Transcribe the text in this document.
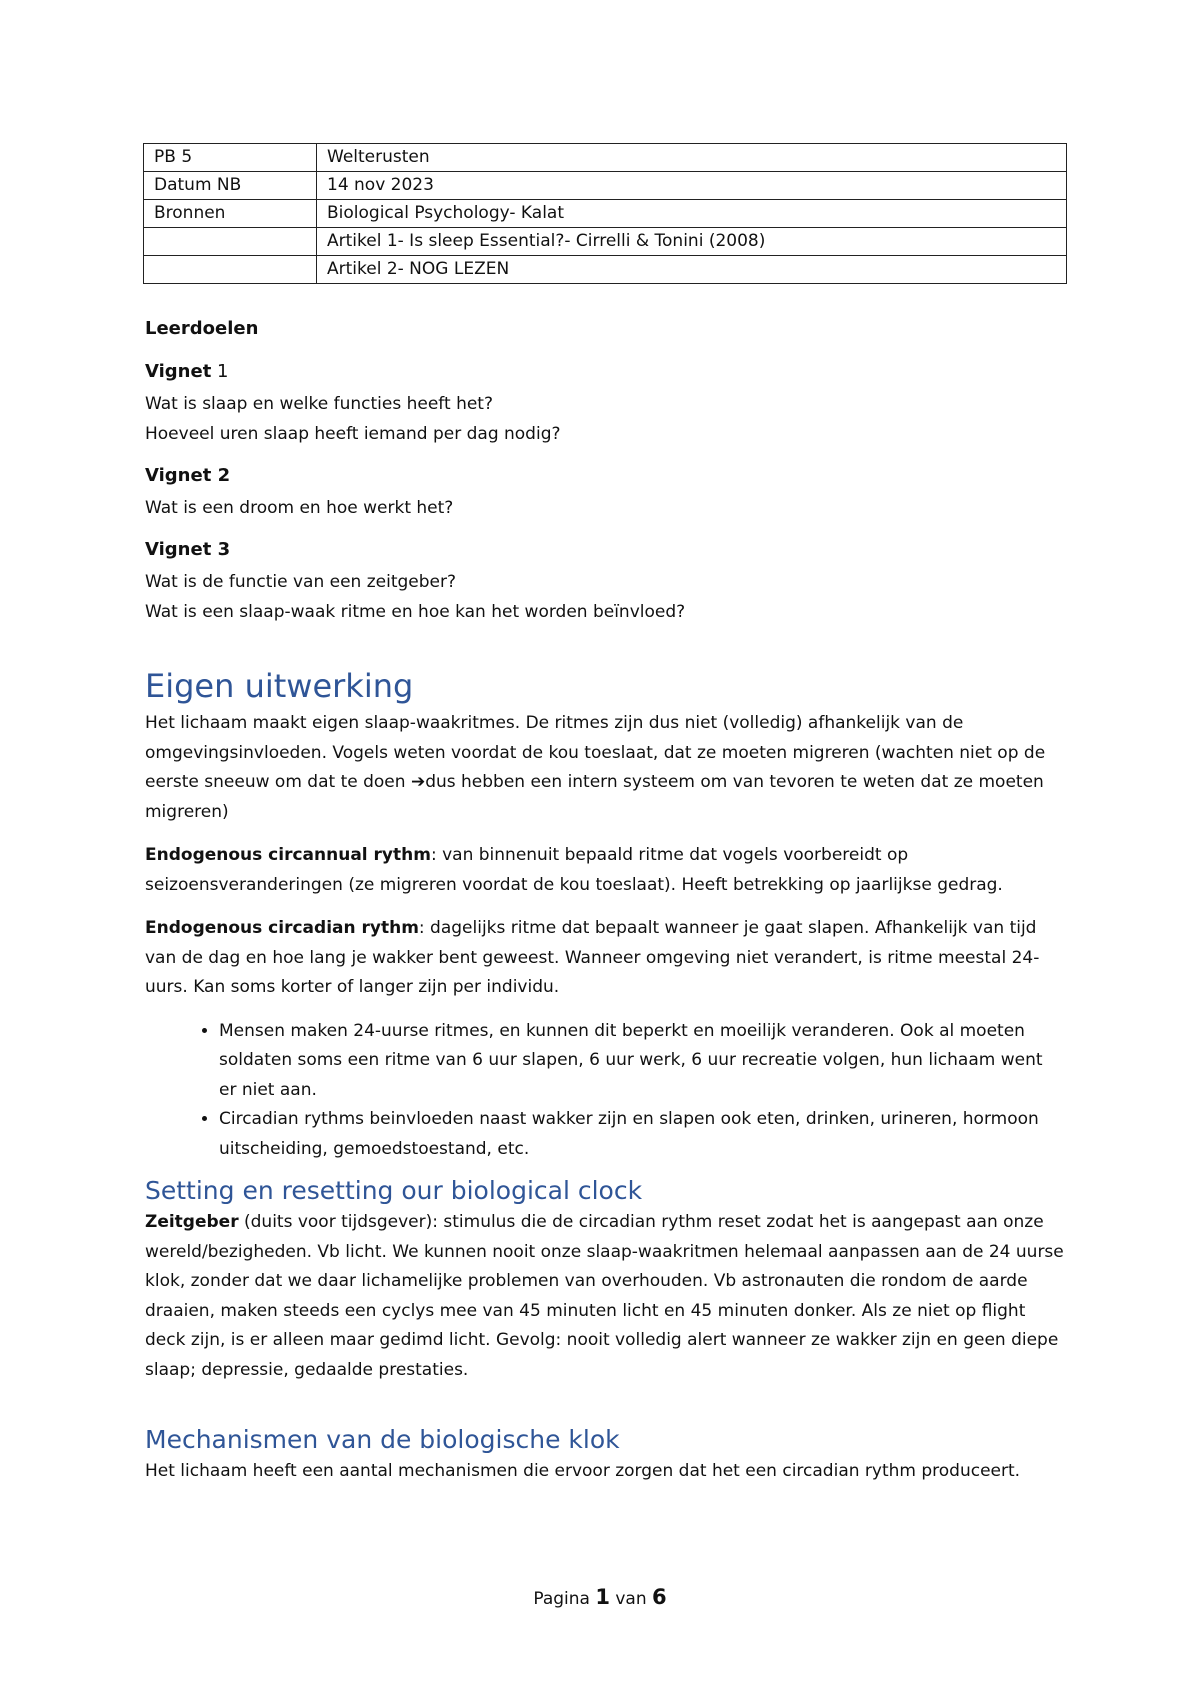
PB 5	Welterusten
Datum NB	14 nov 2023
Bronnen	Biological Psychology- Kalat
	Artikel 1- Is sleep Essential?- Cirrelli & Tonini (2008)
	Artikel 2- NOG LEZEN
Leerdoelen
Vignet 1

Wat is slaap en welke functies heeft het?

Hoeveel uren slaap heeft iemand per dag nodig?

Vignet 2

Wat is een droom en hoe werkt het?

Vignet 3

Wat is de functie van een zeitgeber?

Wat is een slaap-waak ritme en hoe kan het worden beïnvloed?

Eigen uitwerking

Het lichaam maakt eigen slaap-waakritmes. De ritmes zijn dus niet (volledig) afhankelijk van de omgevingsinvloeden. Vogels weten voordat de kou toeslaat, dat ze moeten migreren (wachten niet op de eerste sneeuw om dat te doen ➔dus hebben een intern systeem om van tevoren te weten dat ze moeten migreren)

Endogenous circannual rythm: van binnenuit bepaald ritme dat vogels voorbereidt op seizoensveranderingen (ze migreren voordat de kou toeslaat). Heeft betrekking op jaarlijkse gedrag.

Endogenous circadian rythm: dagelijks ritme dat bepaalt wanneer je gaat slapen. Afhankelijk van tijd van de dag en hoe lang je wakker bent geweest. Wanneer omgeving niet verandert, is ritme meestal 24-uurs. Kan soms korter of langer zijn per individu.

• Mensen maken 24-uurse ritmes, en kunnen dit beperkt en moeilijk veranderen. Ook al moeten soldaten soms een ritme van 6 uur slapen, 6 uur werk, 6 uur recreatie volgen, hun lichaam went er niet aan.
• Circadian rythms beinvloeden naast wakker zijn en slapen ook eten, drinken, urineren, hormoon uitscheiding, gemoedstoestand, etc.
Setting en resetting our biological clock

Zeitgeber (duits voor tijdsgever): stimulus die de circadian rythm reset zodat het is aangepast aan onze wereld/bezigheden. Vb licht. We kunnen nooit onze slaap-waakritmen helemaal aanpassen aan de 24 uurse klok, zonder dat we daar lichamelijke problemen van overhouden. Vb astronauten die rondom de aarde draaien, maken steeds een cyclys mee van 45 minuten licht en 45 minuten donker. Als ze niet op flight deck zijn, is er alleen maar gedimd licht. Gevolg: nooit volledig alert wanneer ze wakker zijn en geen diepe slaap; depressie, gedaalde prestaties.

Mechanismen van de biologische klok

Het lichaam heeft een aantal mechanismen die ervoor zorgen dat het een circadian rythm produceert.

Pagina 1 van 6
